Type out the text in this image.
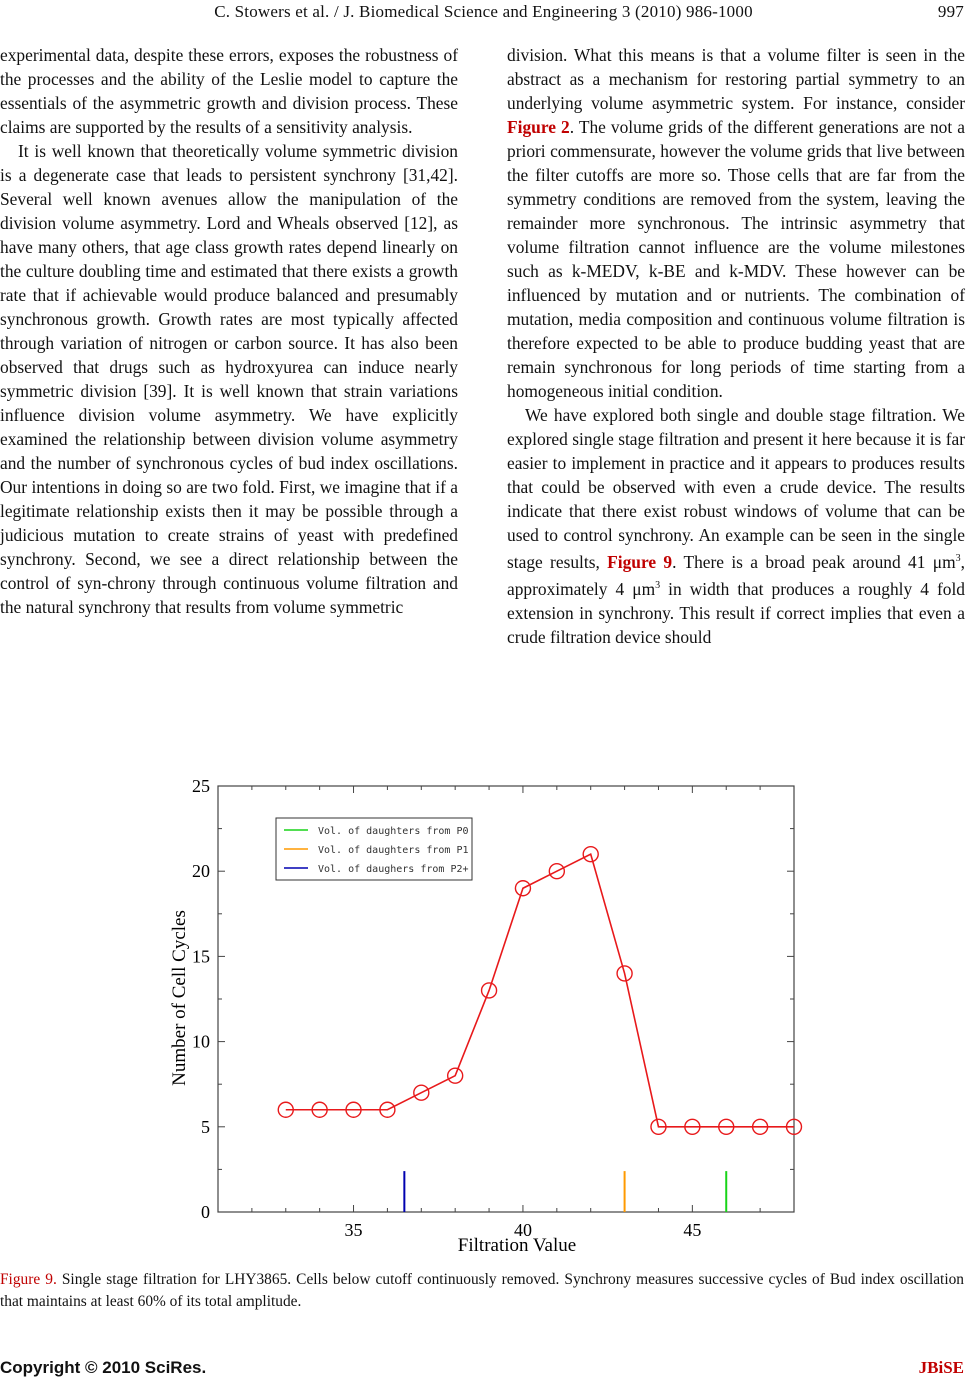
C. Stowers et al. / J. Biomedical Science and Engineering 3 (2010) 986-1000	997

experimental data, despite these errors, exposes the robustness of the processes and the ability of the Leslie model to capture the essentials of the asymmetric growth and division process. These claims are supported by the results of a sensitivity analysis.

It is well known that theoretically volume symmetric division is a degenerate case that leads to persistent synchrony [31,42]. Several well known avenues allow the manipulation of the division volume asymmetry. Lord and Wheals observed [12], as have many others, that age class growth rates depend linearly on the culture doubling time and estimated that there exists a growth rate that if achievable would produce balanced and presumably synchronous growth. Growth rates are most typically affected through variation of nitrogen or carbon source. It has also been observed that drugs such as hydroxyurea can induce nearly symmetric division [39]. It is well known that strain variations influence division volume asymmetry. We have explicitly examined the relationship between division volume asymmetry and the number of synchronous cycles of bud index oscillations. Our intentions in doing so are two fold. First, we imagine that if a legitimate relationship exists then it may be possible through a judicious mutation to create strains of yeast with predefined synchrony. Second, we see a direct relationship between the control of syn-chrony through continuous volume filtration and the natural synchrony that results from volume symmetric

division. What this means is that a volume filter is seen in the abstract as a mechanism for restoring partial symmetry to an underlying volume asymmetric system. For instance, consider Figure 2. The volume grids of the different generations are not a priori commensurate, however the volume grids that live between the filter cutoffs are more so. Those cells that are far from the symmetry conditions are removed from the system, leaving the remainder more synchronous. The intrinsic asymmetry that volume filtration cannot influence are the volume milestones such as k-MEDV, k-BE and k-MDV. These however can be influenced by mutation and or nutrients. The combination of mutation, media composition and continuous volume filtration is therefore expected to be able to produce budding yeast that are remain synchronous for long periods of time starting from a homogeneous initial condition.

We have explored both single and double stage filtration. We explored single stage filtration and present it here because it is far easier to implement in practice and it appears to produces results that could be observed with even a crude device. The results indicate that there exist robust windows of volume that can be used to control synchrony. An example can be seen in the single stage results, Figure 9. There is a broad peak around 41 $\mu m^3$, approximately 4 $\mu m^3$ in width that produces a roughly 4 fold extension in synchrony. This result if correct implies that even a crude filtration device should

0
5
10
15
20
25
35	40	45
Vol. of daughters from P0
Vol. of daughters from P1
Vol. of daughers from P2+
Number of Cell Cycles
Filtration Value
Figure 9. Single stage filtration for LHY3865. Cells below cutoff continuously removed. Synchrony measures successive cycles of Bud index oscillation that maintains at least 60% of its total amplitude.
Copyright © 2010 SciRes.	JBiSE
